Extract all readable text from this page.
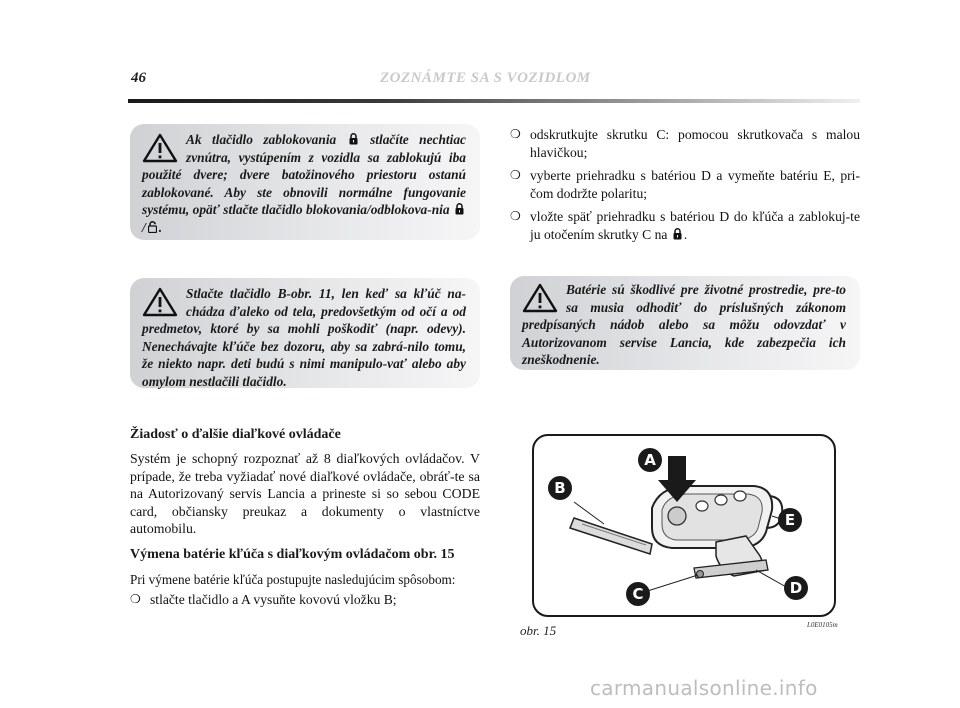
46	ZOZNÁMTE SA S VOZIDLOM

Ak tlačidlo zablokovania	stlačíte nechtiac zvnútra, vystúpením z vozidla sa zablokujú iba použité dvere; dvere batožinového priestoru ostanú zablokované. Aby ste obnovili normálne fungovanie systému, opäť stlačte tlačidlo blokovania/odblokova-nia / .

Stlačte tlačidlo B-obr. 11, len keď sa kľúč na-chádza ďaleko od tela, predovšetkým od očí a od predmetov, ktoré by sa mohli poškodiť (napr. odevy). Nenechávajte kľúče bez dozoru, aby sa zabrá-nilo tomu, že niekto napr. deti budú s nimi manipulo-vať alebo aby omylom nestlačili tlačidlo.

❍ odskrutkujte skrutku C: pomocou skrutkovača s malou hlavičkou;
❍ vyberte priehradku s batériou D a vymeňte batériu E, pri-čom dodržte polaritu;
❍ vložte späť priehradku s batériou D do kľúča a zablokuj-te ju otočením skrutky C na .

Batérie sú škodlivé pre životné prostredie, pre-to sa musia odhodiť do príslušných zákonom predpísaných nádob alebo sa môžu odovzdať v Autorizovanom servise Lancia, kde zabezpečia ich zneškodnenie.

Žiadosť o ďalšie diaľkové ovládače
Systém je schopný rozpoznať až 8 diaľkových ovládačov. V prípade, že treba vyžiadať nové diaľkové ovládače, obráť-te sa na Autorizovaný servis Lancia a prineste si so sebou CODE card, občiansky preukaz a dokumenty o vlastníctve automobilu.
Výmena batérie kľúča s diaľkovým ovládačom obr. 15
Pri výmene batérie kľúča postupujte nasledujúcim spôsobom:
❍ stlačte tlačidlo a A vysuňte kovovú vložku B;
A
B
C	D
E
obr. 15	L0E0105m
carmanualsonline.info
